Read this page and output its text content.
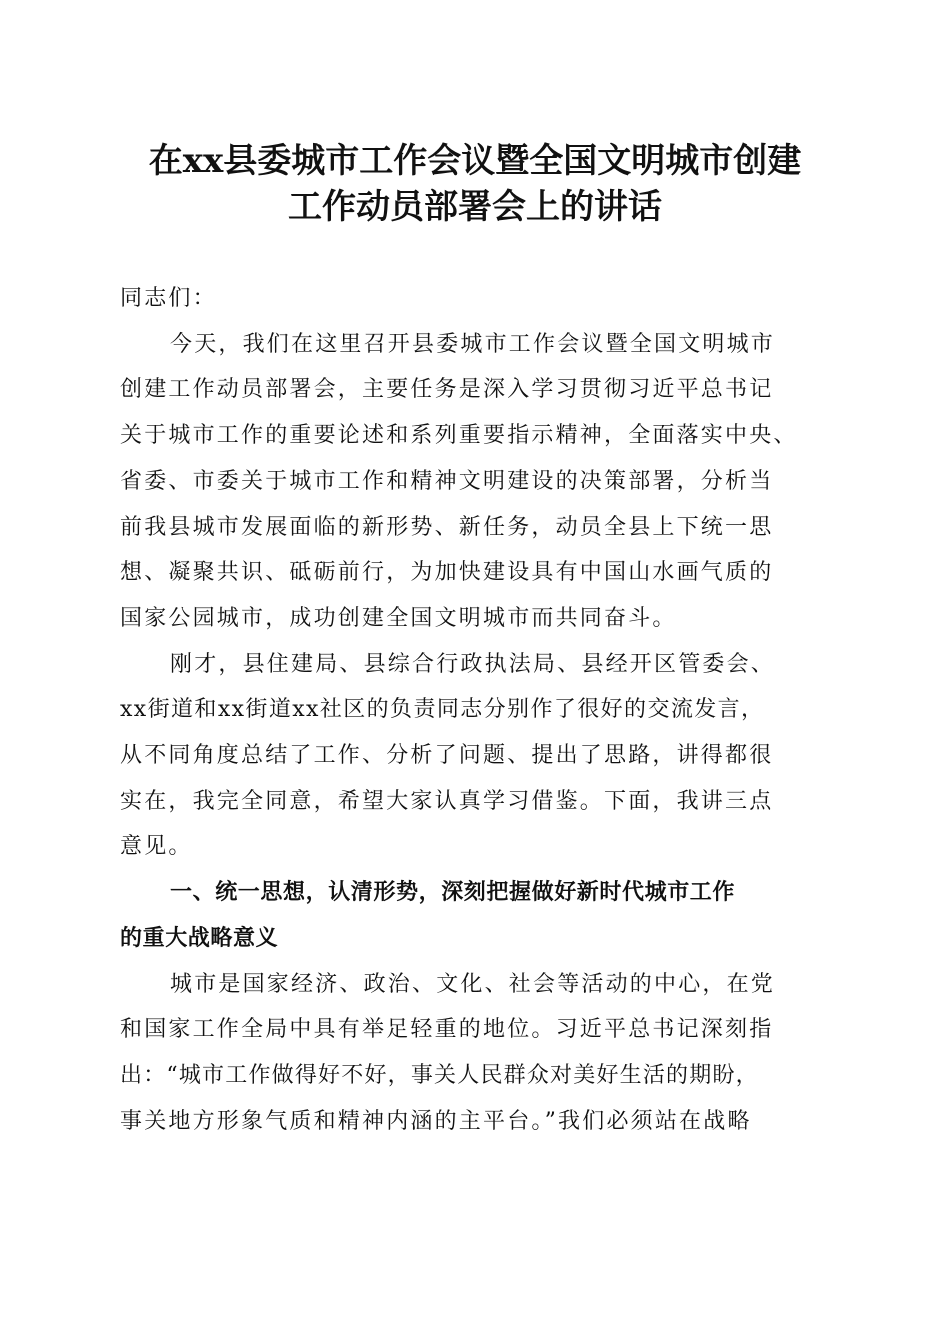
在xx县委城市工作会议暨全国文明城市创建
工作动员部署会上的讲话
同志们：
今天，我们在这里召开县委城市工作会议暨全国文明城市
创建工作动员部署会，主要任务是深入学习贯彻习近平总书记
关于城市工作的重要论述和系列重要指示精神，全面落实中央、
省委、市委关于城市工作和精神文明建设的决策部署，分析当
前我县城市发展面临的新形势、新任务，动员全县上下统一思
想、凝聚共识、砥砺前行，为加快建设具有中国山水画气质的
国家公园城市，成功创建全国文明城市而共同奋斗。
刚才，县住建局、县综合行政执法局、县经开区管委会、
xx街道和xx街道xx社区的负责同志分别作了很好的交流发言，
从不同角度总结了工作、分析了问题、提出了思路，讲得都很
实在，我完全同意，希望大家认真学习借鉴。下面，我讲三点
意见。
一、统一思想，认清形势，深刻把握做好新时代城市工作
的重大战略意义
城市是国家经济、政治、文化、社会等活动的中心，在党
和国家工作全局中具有举足轻重的地位。习近平总书记深刻指
出：“城市工作做得好不好，事关人民群众对美好生活的期盼，
事关地方形象气质和精神内涵的主平台。”我们必须站在战略
